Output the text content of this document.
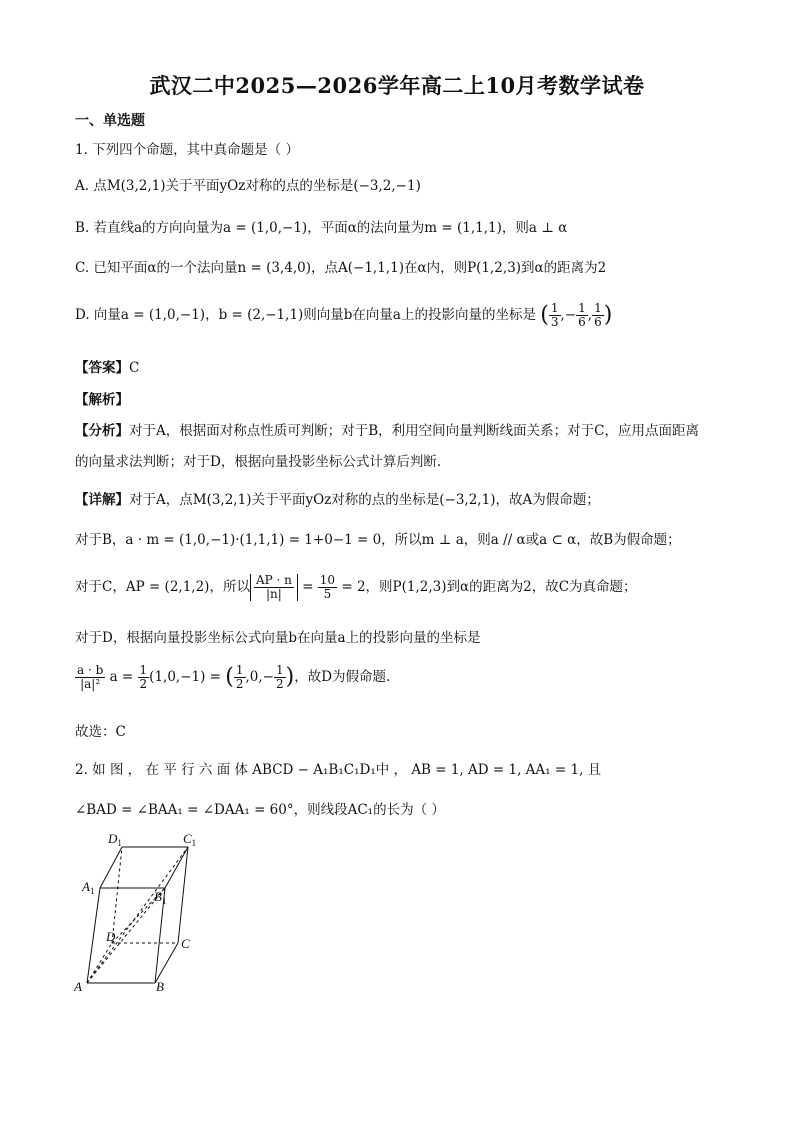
武汉二中2025—2026学年高二上10月考数学试卷
一、单选题
1. 下列四个命题，其中真命题是（ ）
A. 点M(3,2,1)关于平面yOz对称的点的坐标是(−3,2,−1)
B. 若直线a的方向向量为a = (1,0,−1)，平面α的法向量为m = (1,1,1)，则a ⊥ α
C. 已知平面α的一个法向量n = (3,4,0)，点A(−1,1,1)在α内，则P(1,2,3)到α的距离为2
D. 向量a = (1,0,−1)，b = (2,−1,1)则向量b在向量a上的投影向量的坐标是 ( $\frac{1}{3}$ ,− $\frac{1}{6}$ , $\frac{1}{6}$ )
【答案】C
【解析】
【分析】对于A，根据面对称点性质可判断；对于B，利用空间向量判断线面关系；对于C，应用点面距离
的向量求法判断；对于D，根据向量投影坐标公式计算后判断.
【详解】对于A，点M(3,2,1)关于平面yOz对称的点的坐标是(−3,2,1)，故A为假命题；
对于B，a · m = (1,0,−1)·(1,1,1) = 1+0−1 = 0，所以m ⊥ a，则a // α或a ⊂ α，故B为假命题；
对于C，AP = (2,1,2)，所以 $\frac{AP \cdot n}{|n|} = \frac{10}{5} = 2$，则P(1,2,3)到α的距离为2，故C为真命题；
对于D，根据向量投影坐标公式向量b在向量a上的投影向量的坐标是
$\frac{a \cdot b}{\text{|a|²}}$ $a = \frac{1}{2} (1,0,-1)$ = ( $\frac{1}{2} ,0,- \frac{1}{2}$ )，故D为假命题.
故选：C
2. 如 图 ， 在 平 行 六 面 体 ABCD − A₁B₁C₁D₁中 ， AB = 1, AD = 1, AA₁ = 1, 且
∠BAD = ∠BAA₁ = ∠DAA₁ = 60°，则线段AC₁的长为（ ）
A	B
C
D
$A_1$	$B_1$
$C_1$
$D_1$
